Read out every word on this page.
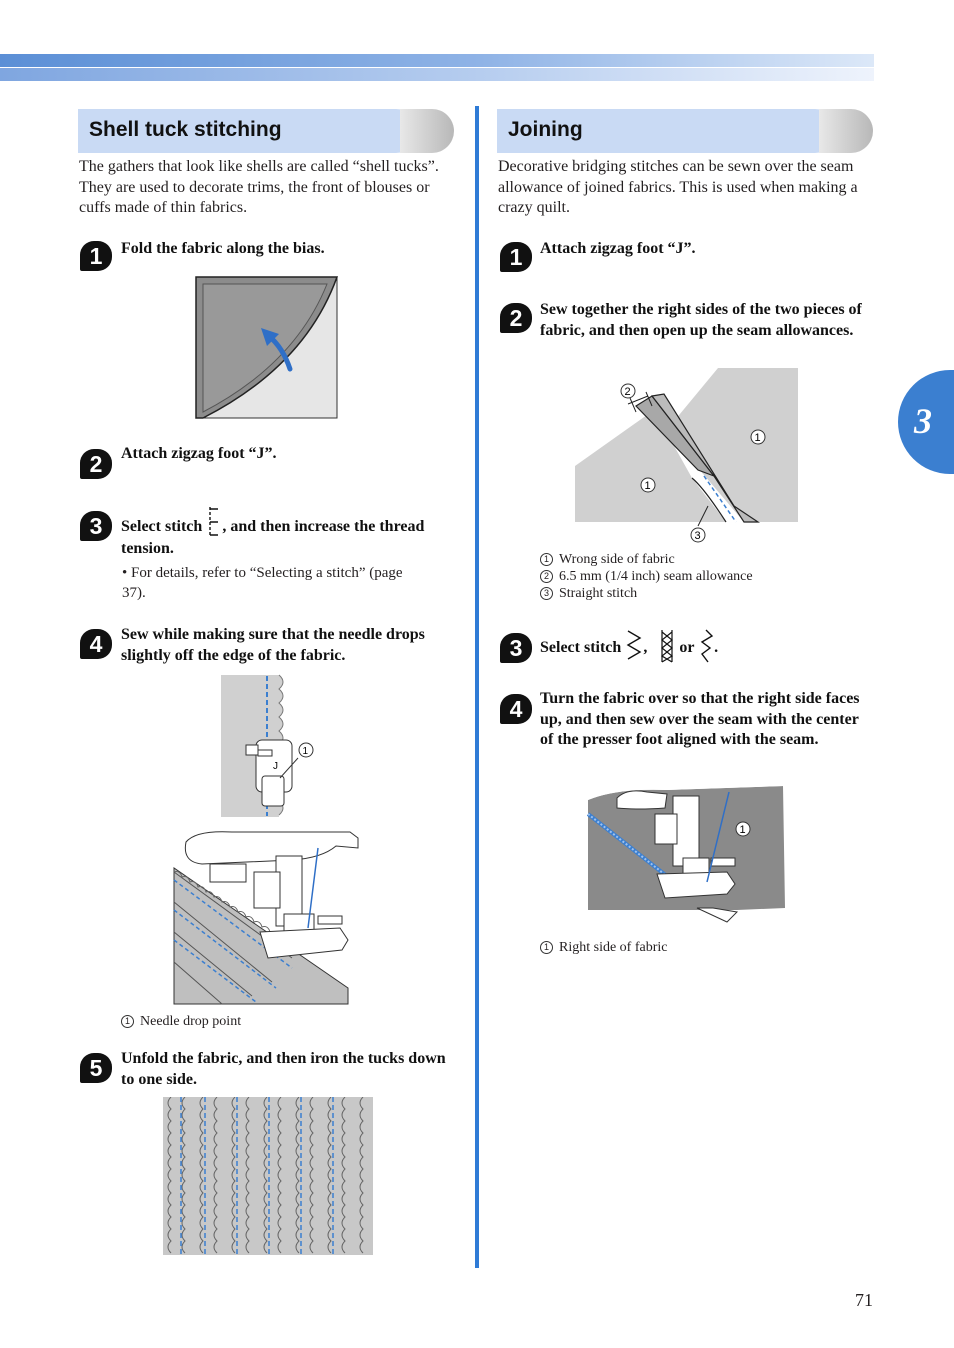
3
Shell tuck stitching
The gathers that look like shells are called “shell tucks”. They are used to decorate trims, the front of blouses or cuffs made of thin fabrics.
1	Fold the fabric along the bias.
2	Attach zigzag foot “J”.
3	Select stitch , and then increase the thread tension.
• For details, refer to “Selecting a stitch” (page 37).
4	Sew while making sure that the needle drops slightly off the edge of the fabric.
J
1
1 Needle drop point
5	Unfold the fabric, and then iron the tucks down to one side.
Joining
Decorative bridging stitches can be sewn over the seam allowance of joined fabrics. This is used when making a crazy quilt.
1	Attach zigzag foot “J”.
2	Sew together the right sides of the two pieces of fabric, and then open up the seam allowances.
2
1
1
3
1 Wrong side of fabric
2 6.5 mm (1/4 inch) seam allowance
3 Straight stitch
3	Select stitch , or .
4	Turn the fabric over so that the right side faces up, and then sew over the seam with the center of the presser foot aligned with the seam.
1
1 Right side of fabric
71
